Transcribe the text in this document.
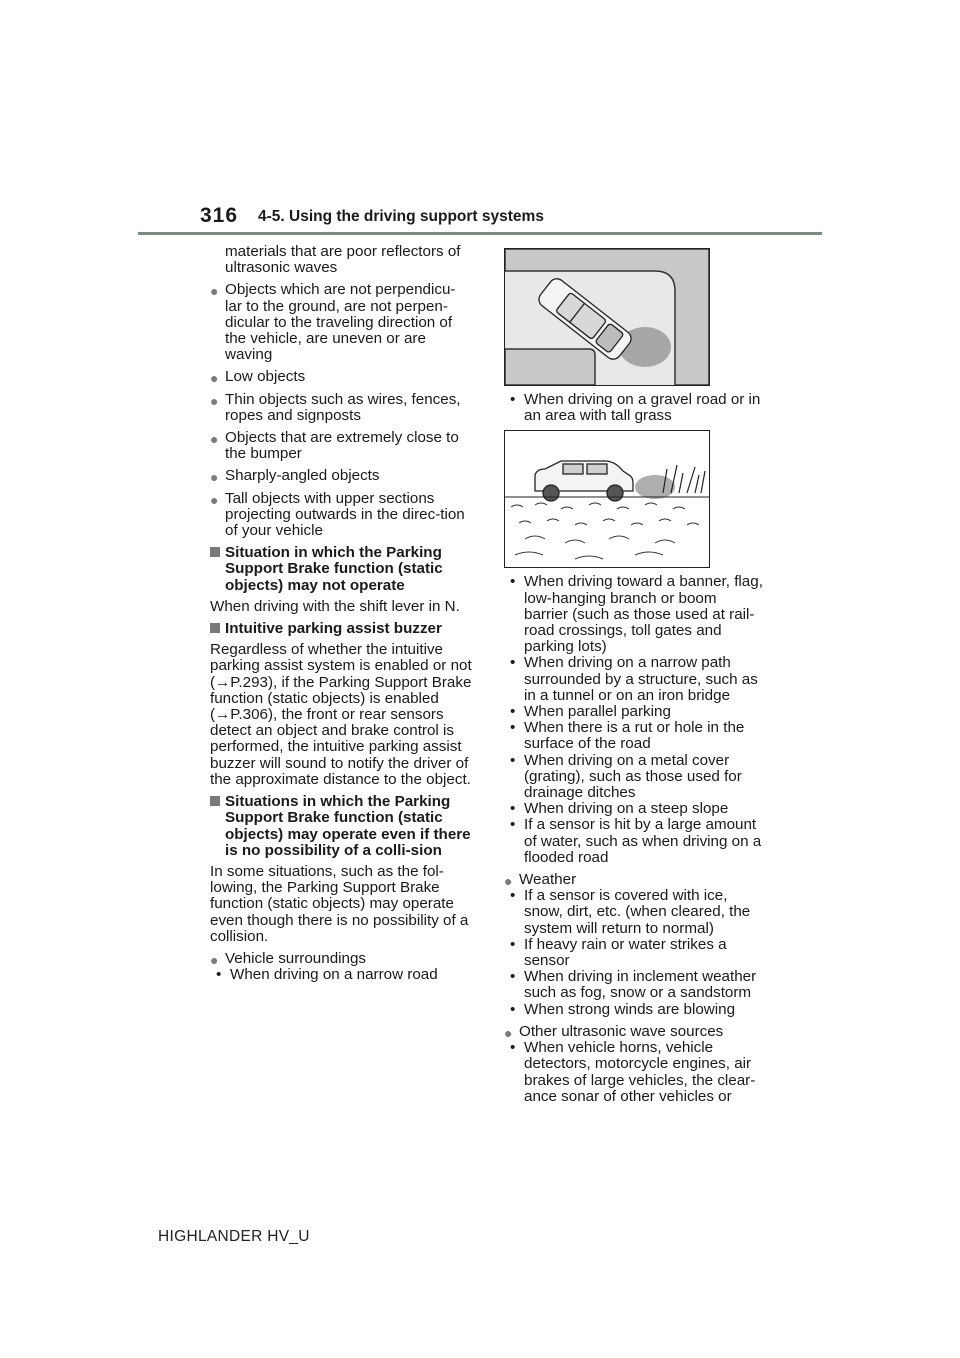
316 4-5. Using the driving support systems

materials that are poor reflectors of ultrasonic waves

● Objects which are not perpendicu-lar to the ground, are not perpen-dicular to the traveling direction of the vehicle, are uneven or are waving
● Low objects
● Thin objects such as wires, fences, ropes and signposts
● Objects that are extremely close to the bumper
● Sharply-angled objects
● Tall objects with upper sections projecting outwards in the direc-tion of your vehicle
Situation in which the Parking Support Brake function (static objects) may not operate

When driving with the shift lever in N.

Intuitive parking assist buzzer

Regardless of whether the intuitive parking assist system is enabled or not (→P.293), if the Parking Support Brake function (static objects) is enabled (→P.306), the front or rear sensors detect an object and brake control is performed, the intuitive parking assist buzzer will sound to notify the driver of the approximate distance to the object.

Situations in which the Parking Support Brake function (static objects) may operate even if there is no possibility of a colli-sion

In some situations, such as the fol-lowing, the Parking Support Brake function (static objects) may operate even though there is no possibility of a collision.

● Vehicle surroundings
• When driving on a narrow road
• When driving on a gravel road or in an area with tall grass
• When driving toward a banner, flag, low-hanging branch or boom barrier (such as those used at rail-road crossings, toll gates and parking lots)
• When driving on a narrow path surrounded by a structure, such as in a tunnel or on an iron bridge
• When parallel parking
• When there is a rut or hole in the surface of the road
• When driving on a metal cover (grating), such as those used for drainage ditches
• When driving on a steep slope
• If a sensor is hit by a large amount of water, such as when driving on a flooded road
● Weather
• If a sensor is covered with ice, snow, dirt, etc. (when cleared, the system will return to normal)
• If heavy rain or water strikes a sensor
• When driving in inclement weather such as fog, snow or a sandstorm
• When strong winds are blowing
● Other ultrasonic wave sources
• When vehicle horns, vehicle detectors, motorcycle engines, air brakes of large vehicles, the clear-ance sonar of other vehicles or
HIGHLANDER HV_U
